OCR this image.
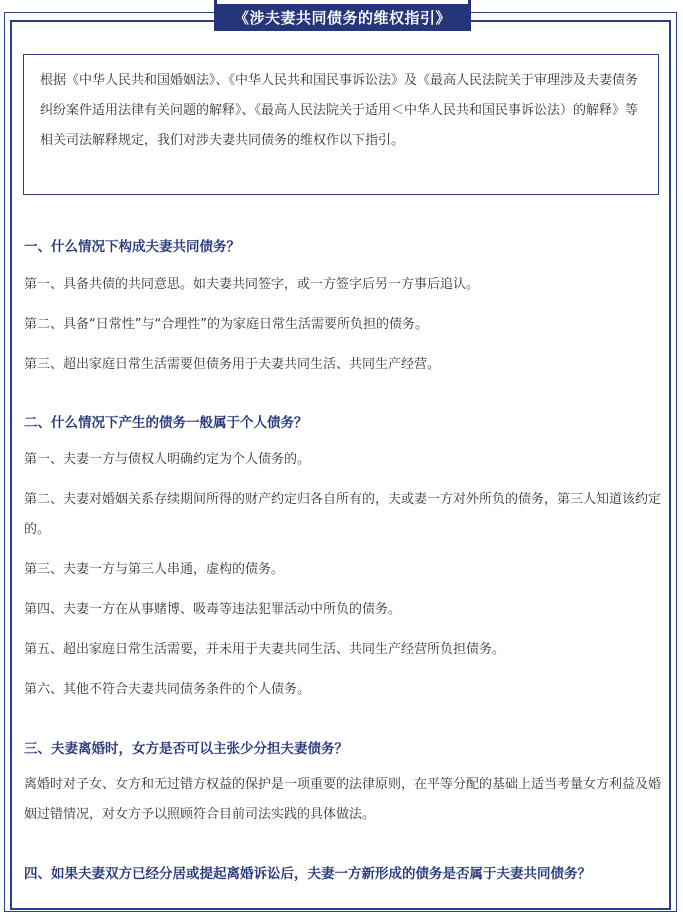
《涉夫妻共同债务的维权指引》
根据《中华人民共和国婚姻法》、《中华人民共和国民事诉讼法》及《最高人民法院关于审理涉及夫妻债务纠纷案件适用法律有关问题的解释》、《最高人民法院关于适用＜中华人民共和国民事诉讼法）的解释》等相关司法解释规定，我们对涉夫妻共同债务的维权作以下指引。
一、什么情况下构成夫妻共同债务？
第一、具备共债的共同意思。如夫妻共同签字，或一方签字后另一方事后追认。
第二、具备“日常性”与“合理性”的为家庭日常生活需要所负担的债务。
第三、超出家庭日常生活需要但债务用于夫妻共同生活、共同生产经营。
二、什么情况下产生的债务一般属于个人债务？
第一、夫妻一方与债权人明确约定为个人债务的。
第二、夫妻对婚姻关系存续期间所得的财产约定归各自所有的，夫或妻一方对外所负的债务，第三人知道该约定的。
第三、夫妻一方与第三人串通，虚构的债务。
第四、夫妻一方在从事赌博、吸毒等违法犯罪活动中所负的债务。
第五、超出家庭日常生活需要，并未用于夫妻共同生活、共同生产经营所负担债务。
第六、其他不符合夫妻共同债务条件的个人债务。
三、夫妻离婚时，女方是否可以主张少分担夫妻债务？
离婚时对子女、女方和无过错方权益的保护是一项重要的法律原则，在平等分配的基础上适当考量女方利益及婚姻过错情况，对女方予以照顾符合目前司法实践的具体做法。
四、如果夫妻双方已经分居或提起离婚诉讼后，夫妻一方新形成的债务是否属于夫妻共同债务？
